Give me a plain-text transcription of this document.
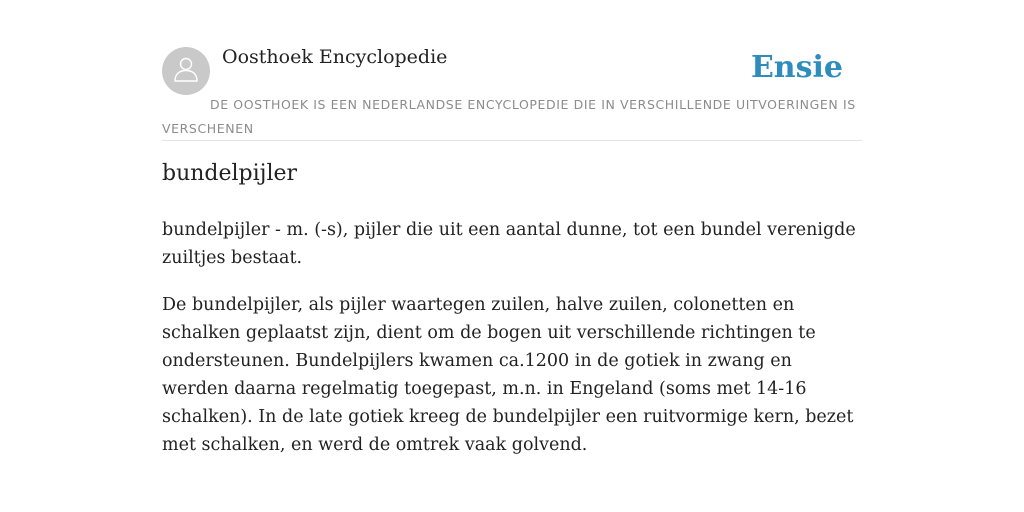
Oosthoek Encyclopedie	Ensie

DE OOSTHOEK IS EEN NEDERLANDSE ENCYCLOPEDIE DIE IN VERSCHILLENDE UITVOERINGEN IS VERSCHENEN

bundelpijler

bundelpijler - m. (-s), pijler die uit een aantal dunne, tot een bundel verenigde zuiltjes bestaat.

De bundelpijler, als pijler waartegen zuilen, halve zuilen, colonetten en schalken geplaatst zijn, dient om de bogen uit verschillende richtingen te ondersteunen. Bundelpijlers kwamen ca.1200 in de gotiek in zwang en werden daarna regelmatig toegepast, m.n. in Engeland (soms met 14-16 schalken). In de late gotiek kreeg de bundelpijler een ruitvormige kern, bezet met schalken, en werd de omtrek vaak golvend.
